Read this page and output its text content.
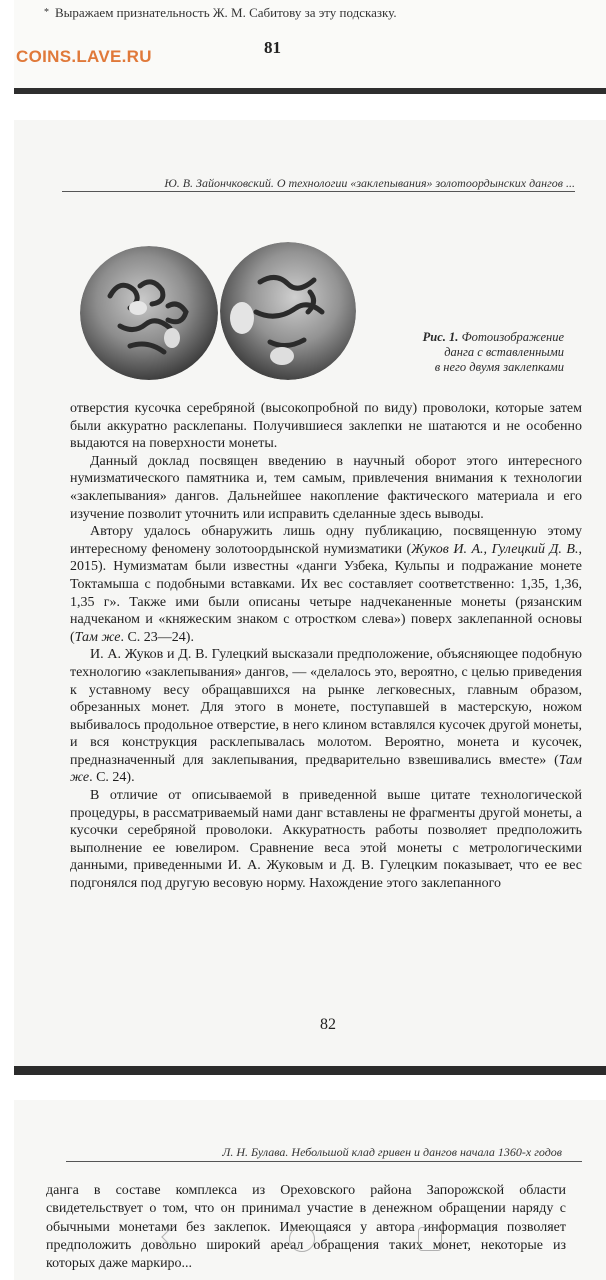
* Выражаем признательность Ж. М. Сабитову за эту подсказку.
81
COINS.LAVE.RU
Ю. В. Зайончковский. О технологии «заклепывания» золотоордынских дангов ...
Рис. 1. Фотоизображение
данга с вставленными
в него двумя заклепками

отверстия кусочка серебряной (высокопробной по виду) проволоки, которые затем были аккуратно расклепаны. Получившиеся заклепки не шатаются и не особенно выдаются на поверхности монеты.

Данный доклад посвящен введению в научный оборот этого интересного нумизматического памятника и, тем самым, привлечения внимания к технологии «заклепывания» дангов. Дальнейшее накопление фактического материала и его изучение позволит уточнить или исправить сделанные здесь выводы.

Автору удалось обнаружить лишь одну публикацию, посвященную этому интересному феномену золотоордынской нумизматики (Жуков И. А., Гулецкий Д. В., 2015). Нумизматам были известны «данги Узбека, Кульпы и подражание монете Токтамыша с подобными вставками. Их вес составляет соответственно: 1,35, 1,36, 1,35 г». Также ими были описаны четыре надчеканенные монеты (рязанским надчеканом и «княжеским знаком с отростком слева») поверх заклепанной основы (Там же. С. 23—24).

И. А. Жуков и Д. В. Гулецкий высказали предположение, объясняющее подобную технологию «заклепывания» дангов, — «делалось это, вероятно, с целью приведения к уставному весу обращавшихся на рынке легковесных, главным образом, обрезанных монет. Для этого в монете, поступавшей в мастерскую, ножом выбивалось продольное отверстие, в него клином вставлялся кусочек другой монеты, и вся конструкция расклепывалась молотом. Вероятно, монета и кусочек, предназначенный для заклепывания, предварительно взвешивались вместе» (Там же. С. 24).

В отличие от описываемой в приведенной выше цитате технологической процедуры, в рассматриваемый нами данг вставлены не фрагменты другой монеты, а кусочки серебряной проволоки. Аккуратность работы позволяет предположить выполнение ее ювелиром. Сравнение веса этой монеты с метрологическими данными, приведенными И. А. Жуковым и Д. В. Гулецким показывает, что ее вес подгонялся под другую весовую норму. Нахождение этого заклепанного

82
Л. Н. Булава. Небольшой клад гривен и дангов начала 1360-х годов
данга в составе комплекса из Ореховского района Запорожской области свидетельствует о том, что он принимал участие в денежном обращении наряду с обычными монетами без заклепок. Имеющаяся у автора информация позволяет предположить довольно широкий ареал обращения таких монет, некоторые из которых даже маркиро...
